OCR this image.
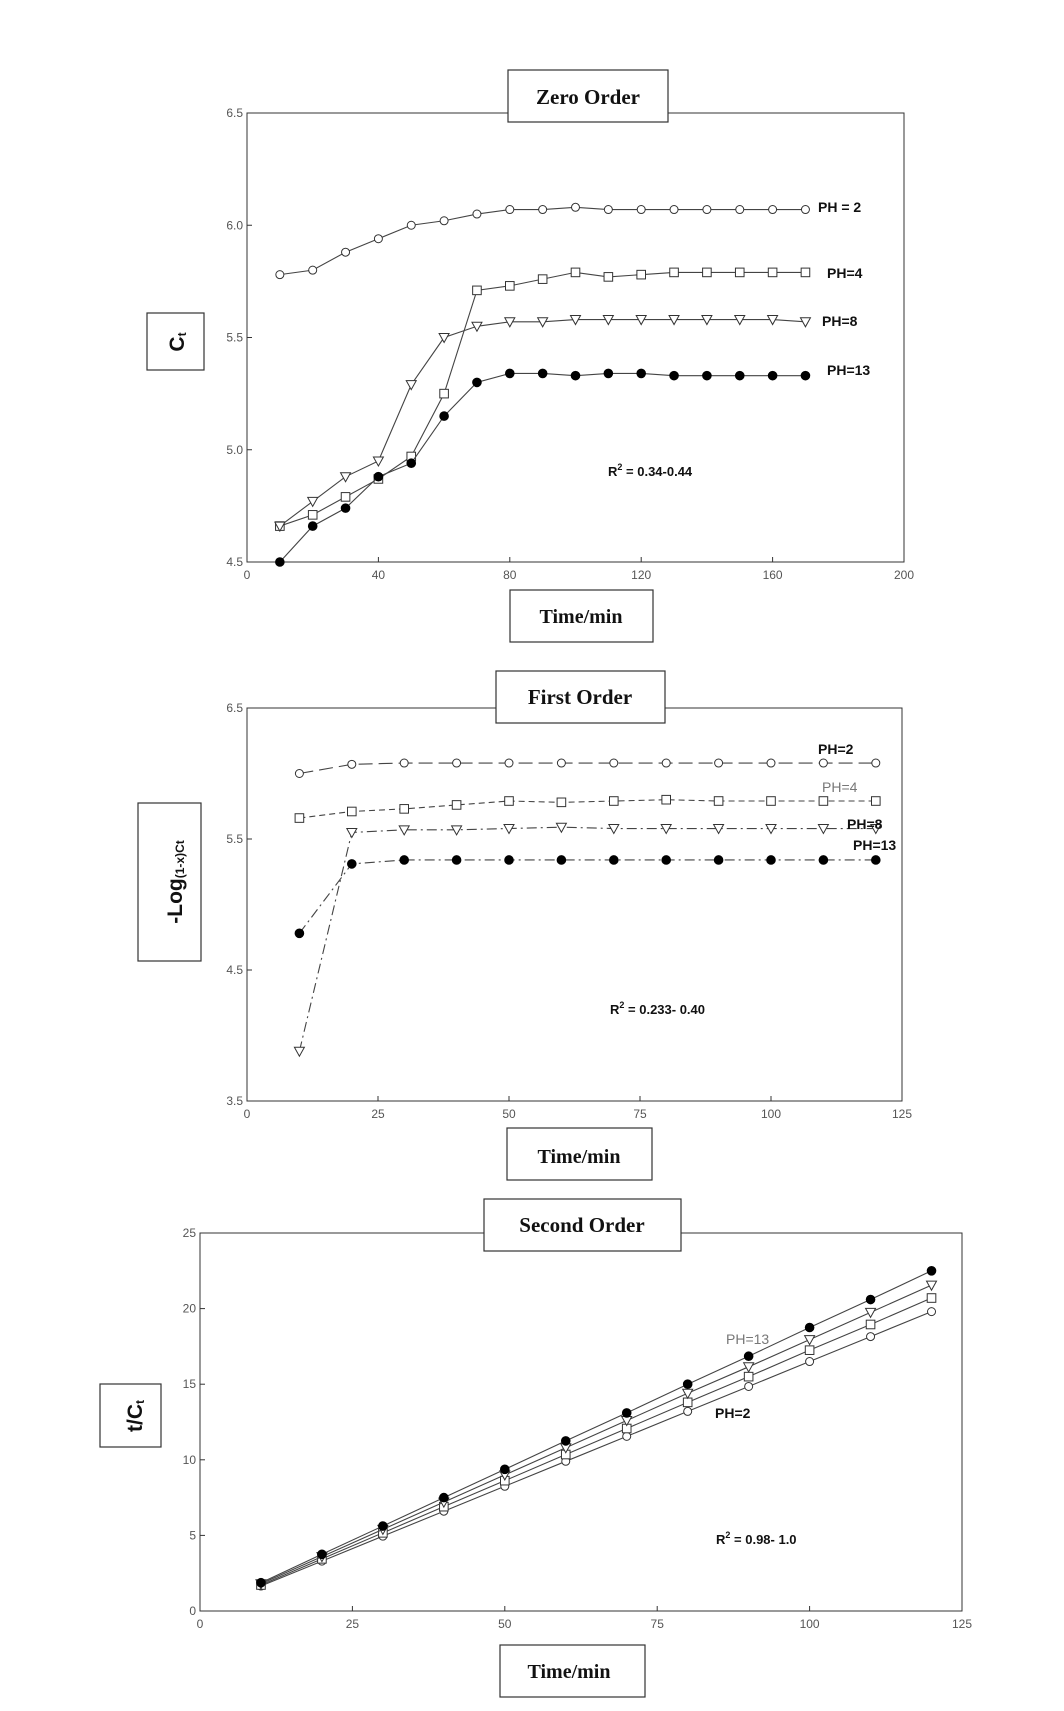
0	40	80	120	160	200
4.5
5.0
5.5
6.0
6.5
PH = 2
PH=4
PH=8
PH=13
$R^2 = 0.34-0.44$
Zero Order
Time/min
$C_t$
0	25	50	75	100	125
3.5
4.5
5.5
6.5
PH=2
PH=4
PH=8
PH=13
$R^2 = 0.233-$ 0.40
First Order
Time/min
-Log$_{(1-x)Ct}$
0	25	50	75	100	125
0
5
10
15
20
25
PH=13
PH=2
$R^2 = 0.98-$ 1.0
Second Order
Time/min
$t/C_t$
